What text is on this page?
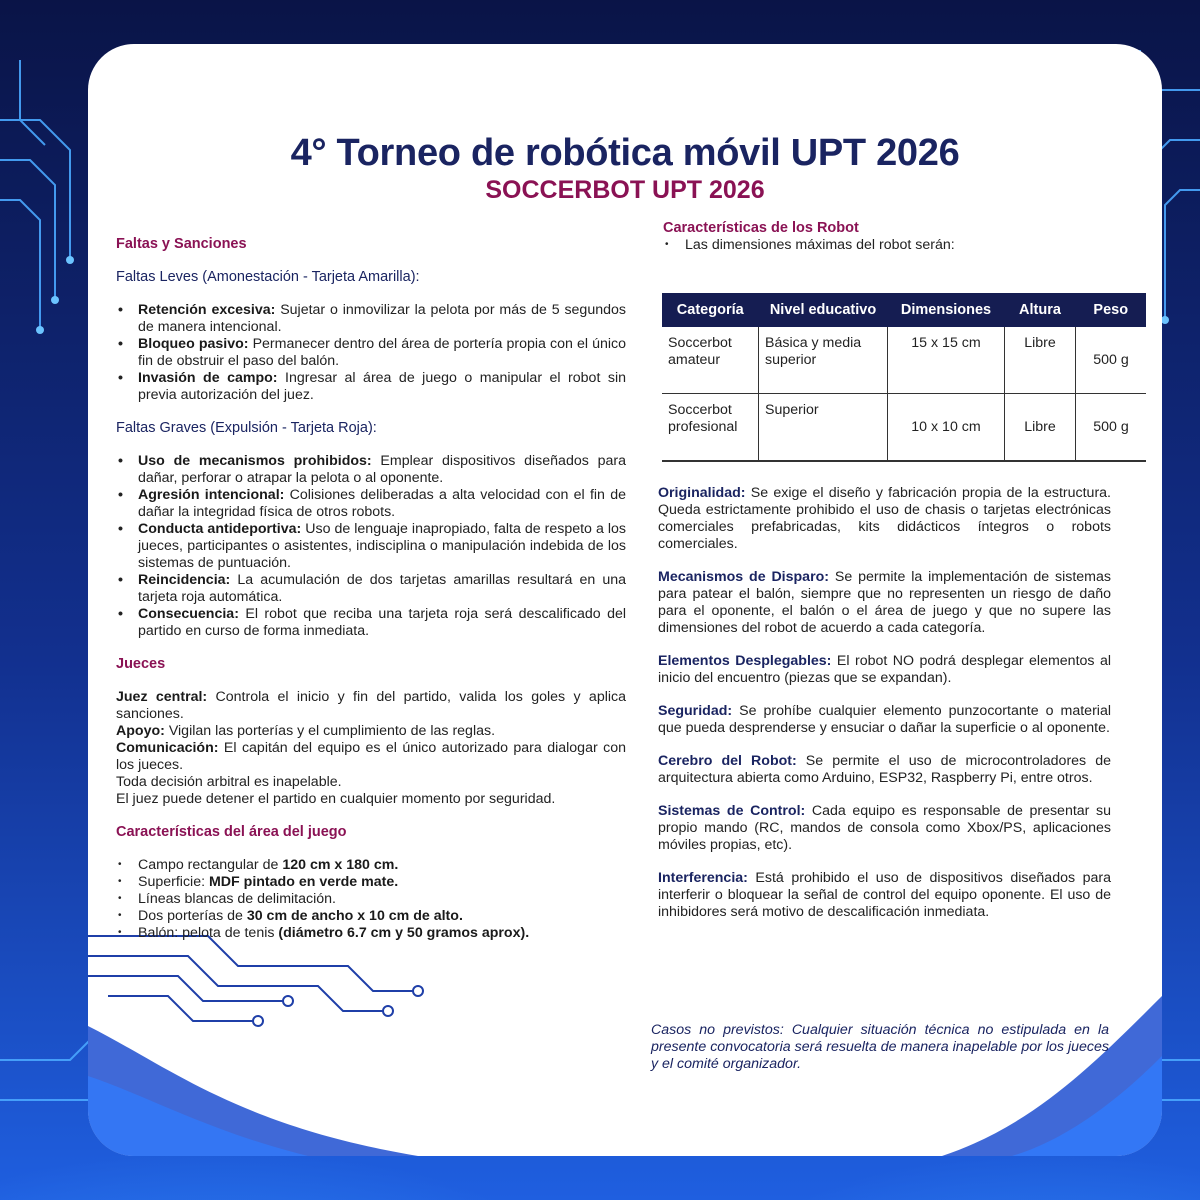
4° Torneo de robótica móvil UPT 2026
SOCCERBOT UPT 2026
Faltas y Sanciones
Faltas Leves (Amonestación - Tarjeta Amarilla):
• Retención excesiva: Sujetar o inmovilizar la pelota por más de 5 segundos de manera intencional.
• Bloqueo pasivo: Permanecer dentro del área de portería propia con el único fin de obstruir el paso del balón.
• Invasión de campo: Ingresar al área de juego o manipular el robot sin previa autorización del juez.
Faltas Graves (Expulsión - Tarjeta Roja):
• Uso de mecanismos prohibidos: Emplear dispositivos diseñados para dañar, perforar o atrapar la pelota o al oponente.
• Agresión intencional: Colisiones deliberadas a alta velocidad con el fin de dañar la integridad física de otros robots.
• Conducta antideportiva: Uso de lenguaje inapropiado, falta de respeto a los jueces, participantes o asistentes, indisciplina o manipulación indebida de los sistemas de puntuación.
• Reincidencia: La acumulación de dos tarjetas amarillas resultará en una tarjeta roja automática.
• Consecuencia: El robot que reciba una tarjeta roja será descalificado del partido en curso de forma inmediata.
Jueces
Juez central: Controla el inicio y fin del partido, valida los goles y aplica sanciones.
Apoyo: Vigilan las porterías y el cumplimiento de las reglas.
Comunicación: El capitán del equipo es el único autorizado para dialogar con los jueces.
Toda decisión arbitral es inapelable.
El juez puede detener el partido en cualquier momento por seguridad.
Características del área del juego
• Campo rectangular de 120 cm x 180 cm.
• Superficie: MDF pintado en verde mate.
• Líneas blancas de delimitación.
• Dos porterías de 30 cm de ancho x 10 cm de alto.
• Balón: pelota de tenis (diámetro 6.7 cm y 50 gramos aprox).
Características de los Robot
• Las dimensiones máximas del robot serán:
Categoría	Nivel educativo	Dimensiones	Altura	Peso
Soccerbot amateur	Básica y media superior	15 x 15 cm	Libre	500 g
Soccerbot profesional	Superior	10 x 10 cm	Libre	500 g
Originalidad: Se exige el diseño y fabricación propia de la estructura. Queda estrictamente prohibido el uso de chasis o tarjetas electrónicas comerciales prefabricadas, kits didácticos íntegros o robots comerciales.
Mecanismos de Disparo: Se permite la implementación de sistemas para patear el balón, siempre que no representen un riesgo de daño para el oponente, el balón o el área de juego y que no supere las dimensiones del robot de acuerdo a cada categoría.
Elementos Desplegables: El robot NO podrá desplegar elementos al inicio del encuentro (piezas que se expandan).
Seguridad: Se prohíbe cualquier elemento punzocortante o material que pueda desprenderse y ensuciar o dañar la superficie o al oponente.
Cerebro del Robot: Se permite el uso de microcontroladores de arquitectura abierta como Arduino, ESP32, Raspberry Pi, entre otros.
Sistemas de Control: Cada equipo es responsable de presentar su propio mando (RC, mandos de consola como Xbox/PS, aplicaciones móviles propias, etc).
Interferencia: Está prohibido el uso de dispositivos diseñados para interferir o bloquear la señal de control del equipo oponente. El uso de inhibidores será motivo de descalificación inmediata.
Casos no previstos: Cualquier situación técnica no estipulada en la presente convocatoria será resuelta de manera inapelable por los jueces y el comité organizador.
